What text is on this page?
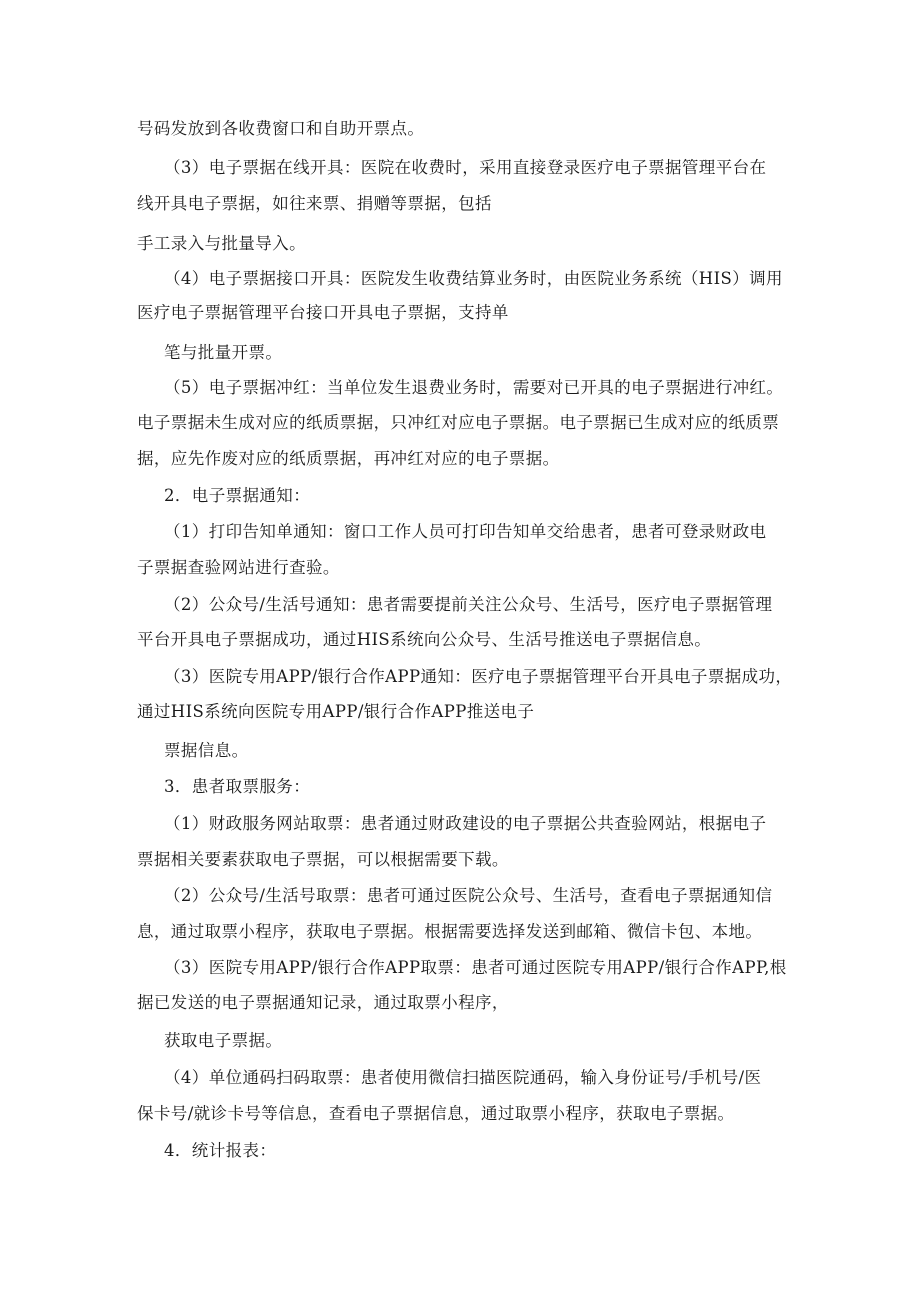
号码发放到各收费窗口和自助开票点。
（3）电子票据在线开具：医院在收费时，采用直接登录医疗电子票据管理平台在
线开具电子票据，如往来票、捐赠等票据，包括
手工录入与批量导入。
（4）电子票据接口开具：医院发生收费结算业务时，由医院业务系统（HIS）调用
医疗电子票据管理平台接口开具电子票据，支持单
笔与批量开票。
（5）电子票据冲红：当单位发生退费业务时，需要对已开具的电子票据进行冲红。
电子票据未生成对应的纸质票据，只冲红对应电子票据。电子票据已生成对应的纸质票
据，应先作废对应的纸质票据，再冲红对应的电子票据。
2．电子票据通知：
（1）打印告知单通知：窗口工作人员可打印告知单交给患者，患者可登录财政电
子票据查验网站进行查验。
（2）公众号/生活号通知：患者需要提前关注公众号、生活号，医疗电子票据管理
平台开具电子票据成功，通过HIS系统向公众号、生活号推送电子票据信息。
（3）医院专用APP/银行合作APP通知：医疗电子票据管理平台开具电子票据成功，
通过HIS系统向医院专用APP/银行合作APP推送电子
票据信息。
3．患者取票服务：
（1）财政服务网站取票：患者通过财政建设的电子票据公共查验网站，根据电子
票据相关要素获取电子票据，可以根据需要下载。
（2）公众号/生活号取票：患者可通过医院公众号、生活号，查看电子票据通知信
息，通过取票小程序，获取电子票据。根据需要选择发送到邮箱、微信卡包、本地。
（3）医院专用APP/银行合作APP取票：患者可通过医院专用APP/银行合作APP,根
据已发送的电子票据通知记录，通过取票小程序，
获取电子票据。
（4）单位通码扫码取票：患者使用微信扫描医院通码，输入身份证号/手机号/医
保卡号/就诊卡号等信息，查看电子票据信息，通过取票小程序，获取电子票据。
4．统计报表：
